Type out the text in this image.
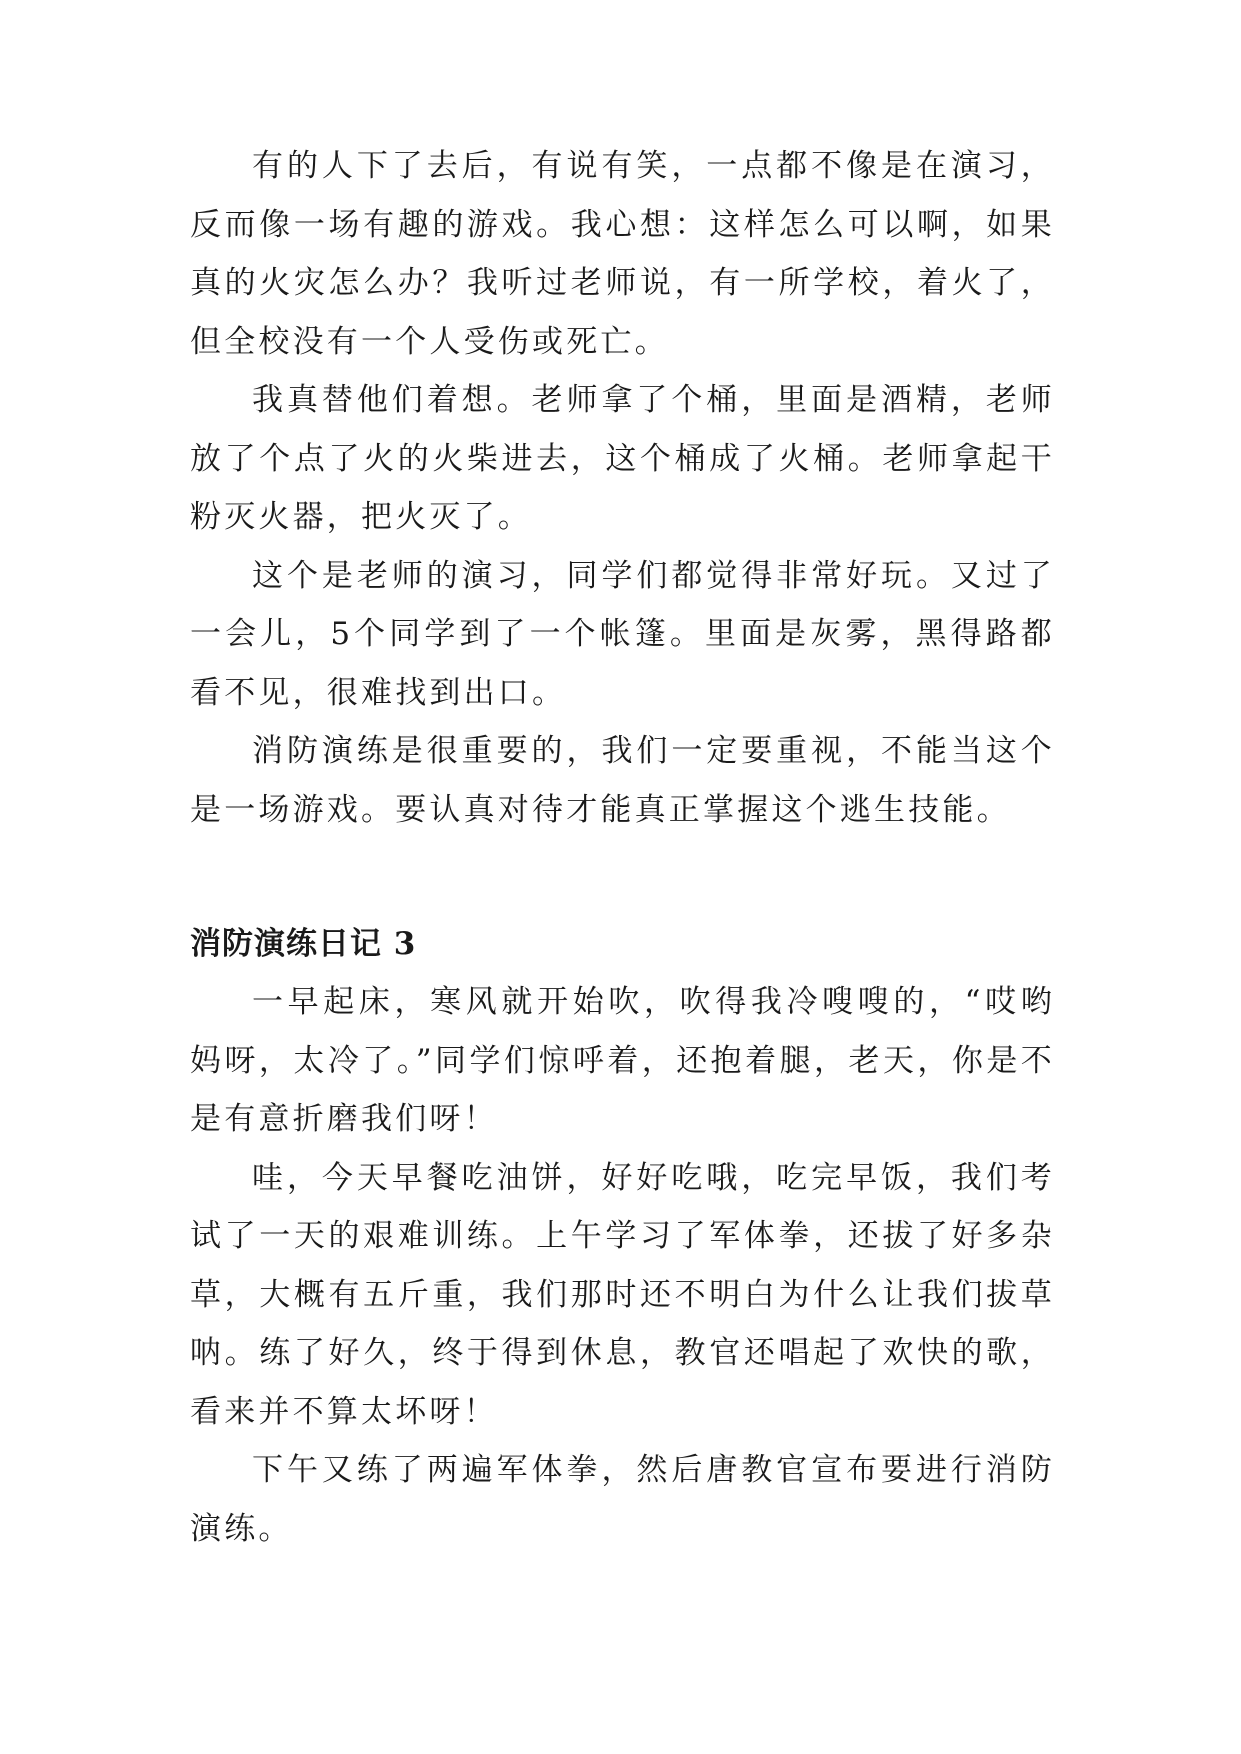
有的人下了去后，有说有笑，一点都不像是在演习，反而像一场有趣的游戏。我心想：这样怎么可以啊，如果真的火灾怎么办？我听过老师说，有一所学校，着火了，但全校没有一个人受伤或死亡。

我真替他们着想。老师拿了个桶，里面是酒精，老师放了个点了火的火柴进去，这个桶成了火桶。老师拿起干粉灭火器，把火灭了。

这个是老师的演习，同学们都觉得非常好玩。又过了一会儿，5个同学到了一个帐篷。里面是灰雾，黑得路都看不见，很难找到出口。

消防演练是很重要的，我们一定要重视，不能当这个是一场游戏。要认真对待才能真正掌握这个逃生技能。

消防演练日记 3

一早起床，寒风就开始吹，吹得我冷嗖嗖的，“哎哟妈呀，太冷了。”同学们惊呼着，还抱着腿，老天，你是不是有意折磨我们呀！

哇，今天早餐吃油饼，好好吃哦，吃完早饭，我们考试了一天的艰难训练。上午学习了军体拳，还拔了好多杂草，大概有五斤重，我们那时还不明白为什么让我们拔草呐。练了好久，终于得到休息，教官还唱起了欢快的歌，看来并不算太坏呀！

下午又练了两遍军体拳，然后唐教官宣布要进行消防演练。
